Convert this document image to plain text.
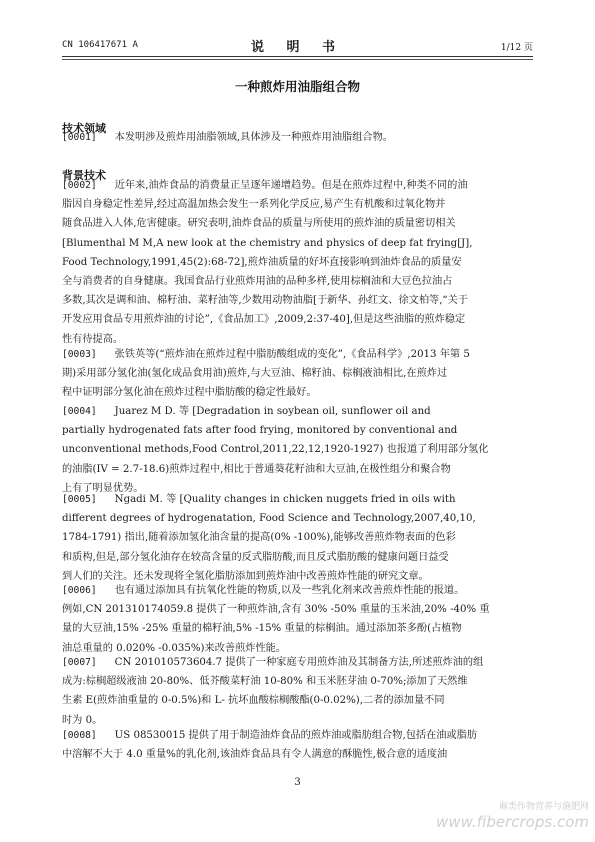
CN 106417671 A	说 明 书	1/12 页
一种煎炸用油脂组合物
技术领域
[0001] 本发明涉及煎炸用油脂领域,具体涉及一种煎炸用油脂组合物。
背景技术
[0002] 近年来,油炸食品的消费量正呈逐年递增趋势。但是在煎炸过程中,种类不同的油
脂因自身稳定性差异,经过高温加热会发生一系列化学反应,易产生有机酸和过氧化物并
随食品进入人体,危害健康。研究表明,油炸食品的质量与所使用的煎炸油的质量密切相关
[Blumenthal M M,A new look at the chemistry and physics of deep fat frying[J],
Food Technology,1991,45(2):68-72],煎炸油质量的好坏直接影响到油炸食品的质量安
全与消费者的自身健康。我国食品行业煎炸用油的品种多样,使用棕榈油和大豆色拉油占
多数,其次是调和油、棉籽油、菜籽油等,少数用动物油脂[于新华、孙红文、徐文柏等,“关于
开发应用食品专用煎炸油的讨论”,《食品加工》,2009,2:37-40],但是这些油脂的煎炸稳定
性有待提高。
[0003] 张铁英等(“煎炸油在煎炸过程中脂肪酸组成的变化”,《食品科学》,2013 年第 5
期)采用部分氢化油(氢化成品食用油)煎炸,与大豆油、棉籽油、棕榈液油相比,在煎炸过
程中证明部分氢化油在煎炸过程中脂肪酸的稳定性最好。
[0004] Juarez M D. 等 [Degradation in soybean oil, sunflower oil and
partially hydrogenated fats after food frying, monitored by conventional and
unconventional methods,Food Control,2011,22,12,1920-1927) 也报道了利用部分氢化
的油脂(IV = 2.7-18.6)煎炸过程中,相比于普通葵花籽油和大豆油,在极性组分和聚合物
上有了明显优势。
[0005] Ngadi M. 等 [Quality changes in chicken nuggets fried in oils with
different degrees of hydrogenatation, Food Science and Technology,2007,40,10,
1784-1791) 指出,随着添加氢化油含量的提高(0% -100%),能够改善煎炸物表面的色彩
和质构,但是,部分氢化油存在较高含量的反式脂肪酸,而且反式脂肪酸的健康问题日益受
到人们的关注。还未发现将全氢化脂肪添加到煎炸油中改善煎炸性能的研究文章。
[0006] 也有通过添加具有抗氧化性能的物质,以及一些乳化剂来改善煎炸性能的报道。
例如,CN 201310174059.8 提供了一种煎炸油,含有 30% -50% 重量的玉米油,20% -40% 重
量的大豆油,15% -25% 重量的棉籽油,5% -15% 重量的棕榈油。通过添加茶多酚(占植物
油总重量的 0.020% -0.035%)来改善煎炸性能。
[0007] CN 201010573604.7 提供了一种家庭专用煎炸油及其制备方法,所述煎炸油的组
成为:棕榈超级液油 20-80%、低芥酸菜籽油 10-80% 和玉米胚芽油 0-70%;添加了天然维
生素 E(煎炸油重量的 0-0.5%)和 L- 抗坏血酸棕榈酸酯(0-0.02%),二者的添加量不同
时为 0。
[0008] US 08530015 提供了用于制造油炸食品的煎炸油或脂肪组合物,包括在油或脂肪
中溶解不大于 4.0 重量%的乳化剂,该油炸食品具有令人满意的酥脆性,极合意的适度油
3
麻类作物营养与施肥网
www.fibercrops.com
